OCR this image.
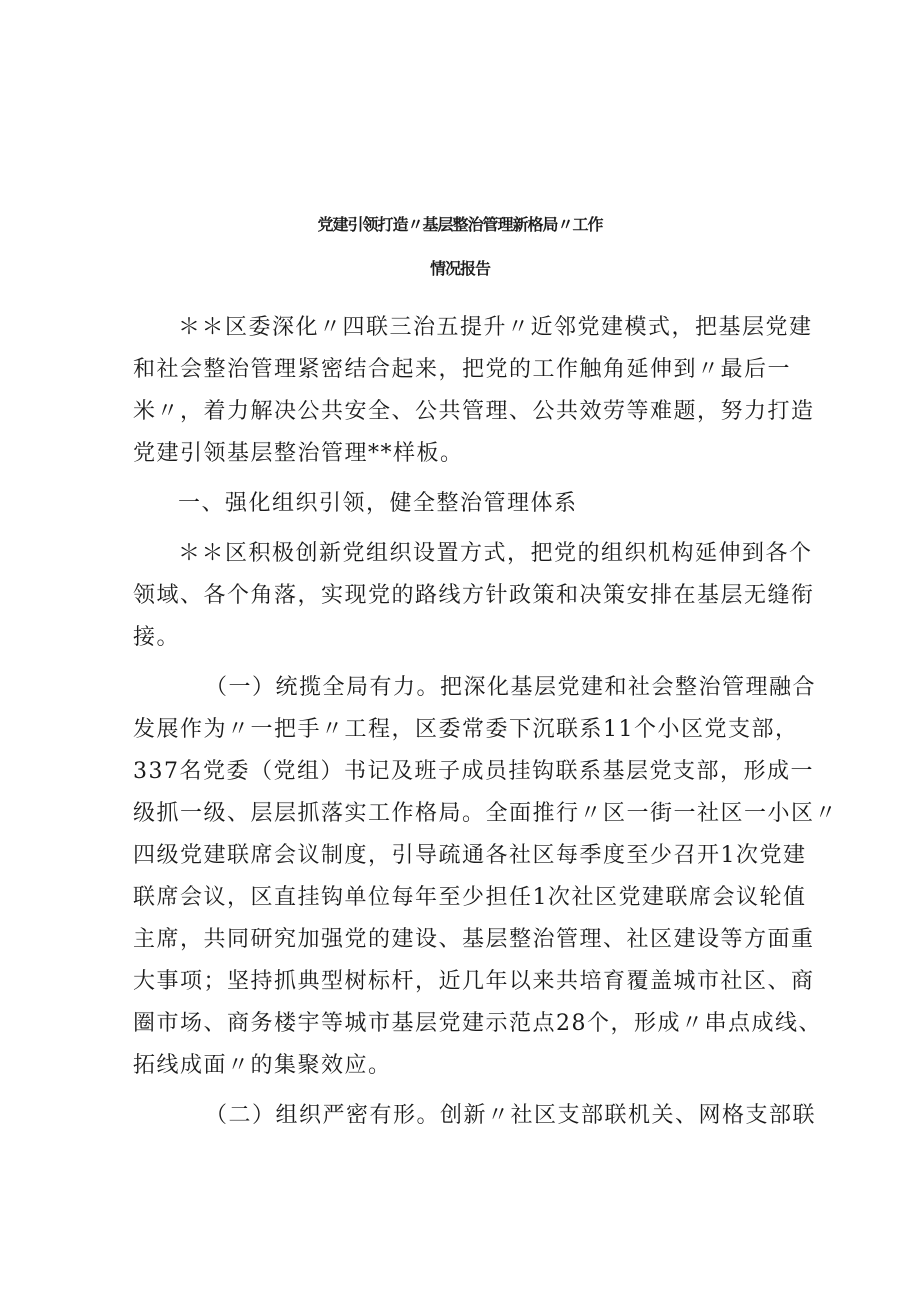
党建引领打造〃基层整治管理新格局〃工作
情况报告
＊＊区委深化〃四联三治五提升〃近邻党建模式，把基层党建
和社会整治管理紧密结合起来，把党的工作触角延伸到〃最后一
米〃，着力解决公共安全、公共管理、公共效劳等难题，努力打造
党建引领基层整治管理**样板。
一、强化组织引领，健全整治管理体系
＊＊区积极创新党组织设置方式，把党的组织机构延伸到各个
领域、各个角落，实现党的路线方针政策和决策安排在基层无缝衔
接。
（一）统揽全局有力。把深化基层党建和社会整治管理融合
发展作为〃一把手〃工程，区委常委下沉联系11个小区党支部，
337名党委（党组）书记及班子成员挂钩联系基层党支部，形成一
级抓一级、层层抓落实工作格局。全面推行〃区一街一社区一小区〃
四级党建联席会议制度，引导疏通各社区每季度至少召开1次党建
联席会议，区直挂钩单位每年至少担任1次社区党建联席会议轮值
主席，共同研究加强党的建设、基层整治管理、社区建设等方面重
大事项；坚持抓典型树标杆，近几年以来共培育覆盖城市社区、商
圈市场、商务楼宇等城市基层党建示范点28个，形成〃串点成线、
拓线成面〃的集聚效应。
（二）组织严密有形。创新〃社区支部联机关、网格支部联
